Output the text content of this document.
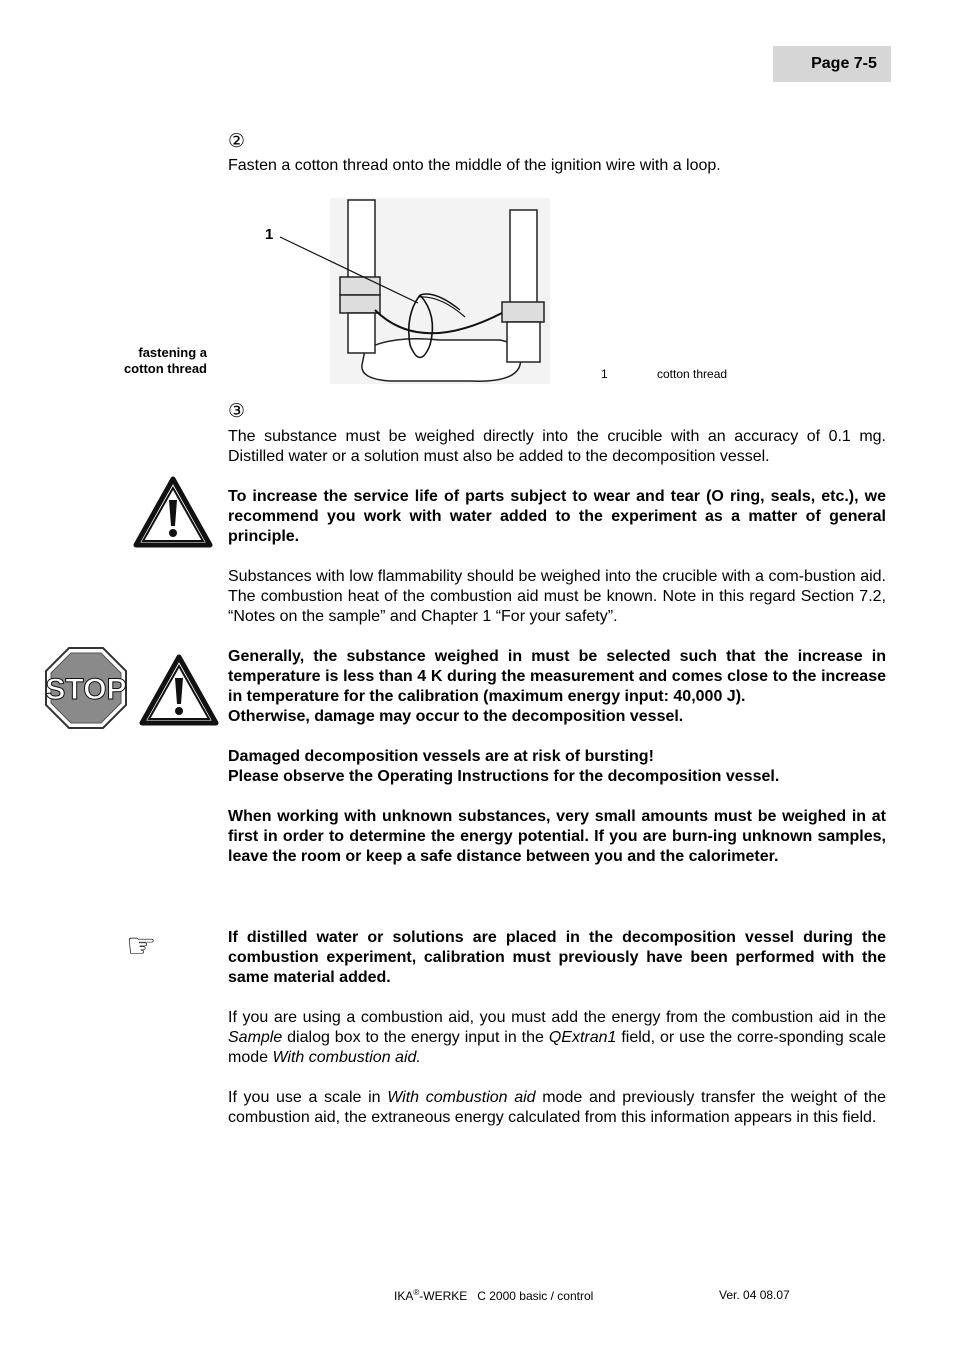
Page 7-5
②

Fasten a cotton thread onto the middle of the ignition wire with a loop.

fastening a
cotton thread
1
1	cotton thread
③

The substance must be weighed directly into the crucible with an accuracy of 0.1 mg. Distilled water or a solution must also be added to the decomposition vessel.

To increase the service life of parts subject to wear and tear (O ring, seals, etc.), we recommend you work with water added to the experiment as a matter of general principle.

Substances with low flammability should be weighed into the crucible with a com-bustion aid. The combustion heat of the combustion aid must be known. Note in this regard Section 7.2, “Notes on the sample” and Chapter 1 “For your safety”.

STOP

Generally, the substance weighed in must be selected such that the increase in temperature is less than 4 K during the measurement and comes close to the increase in temperature for the calibration (maximum energy input: 40,000 J).

Otherwise, damage may occur to the decomposition vessel.

Damaged decomposition vessels are at risk of bursting!

Please observe the Operating Instructions for the decomposition vessel.

When working with unknown substances, very small amounts must be weighed in at first in order to determine the energy potential. If you are burn-ing unknown samples, leave the room or keep a safe distance between you and the calorimeter.

☞	If distilled water or solutions are placed in the decomposition vessel during the combustion experiment, calibration must previously have been performed with the same material added.

If you are using a combustion aid, you must add the energy from the combustion aid in the Sample dialog box to the energy input in the QExtran1 field, or use the corre-sponding scale mode With combustion aid.

If you use a scale in With combustion aid mode and previously transfer the weight of the combustion aid, the extraneous energy calculated from this information appears in this field.

IKA®-WERKE   C 2000 basic / control	Ver. 04 08.07
